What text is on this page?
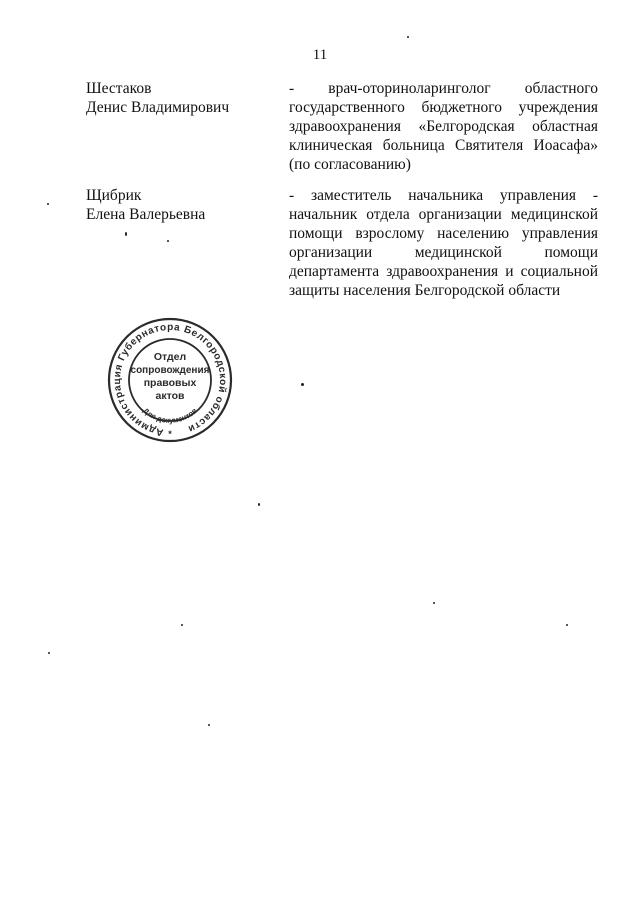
11
Шестаков
Денис Владимирович
- врач-оториноларинголог областного
государственного бюджетного учреждения
здравоохранения «Белгородская областная
клиническая больница Святителя Иоасафа»
(по согласованию)
Щибрик
Елена Валерьевна
- заместитель начальника управления -
начальник отдела организации медицинской
помощи взрослому населению управления
организации медицинской помощи
департамента здравоохранения и социальной
защиты населения Белгородской области
Администрация Губернатора Белгородской области
Для документов
*
Отдел
сопровождения
правовых
актов
